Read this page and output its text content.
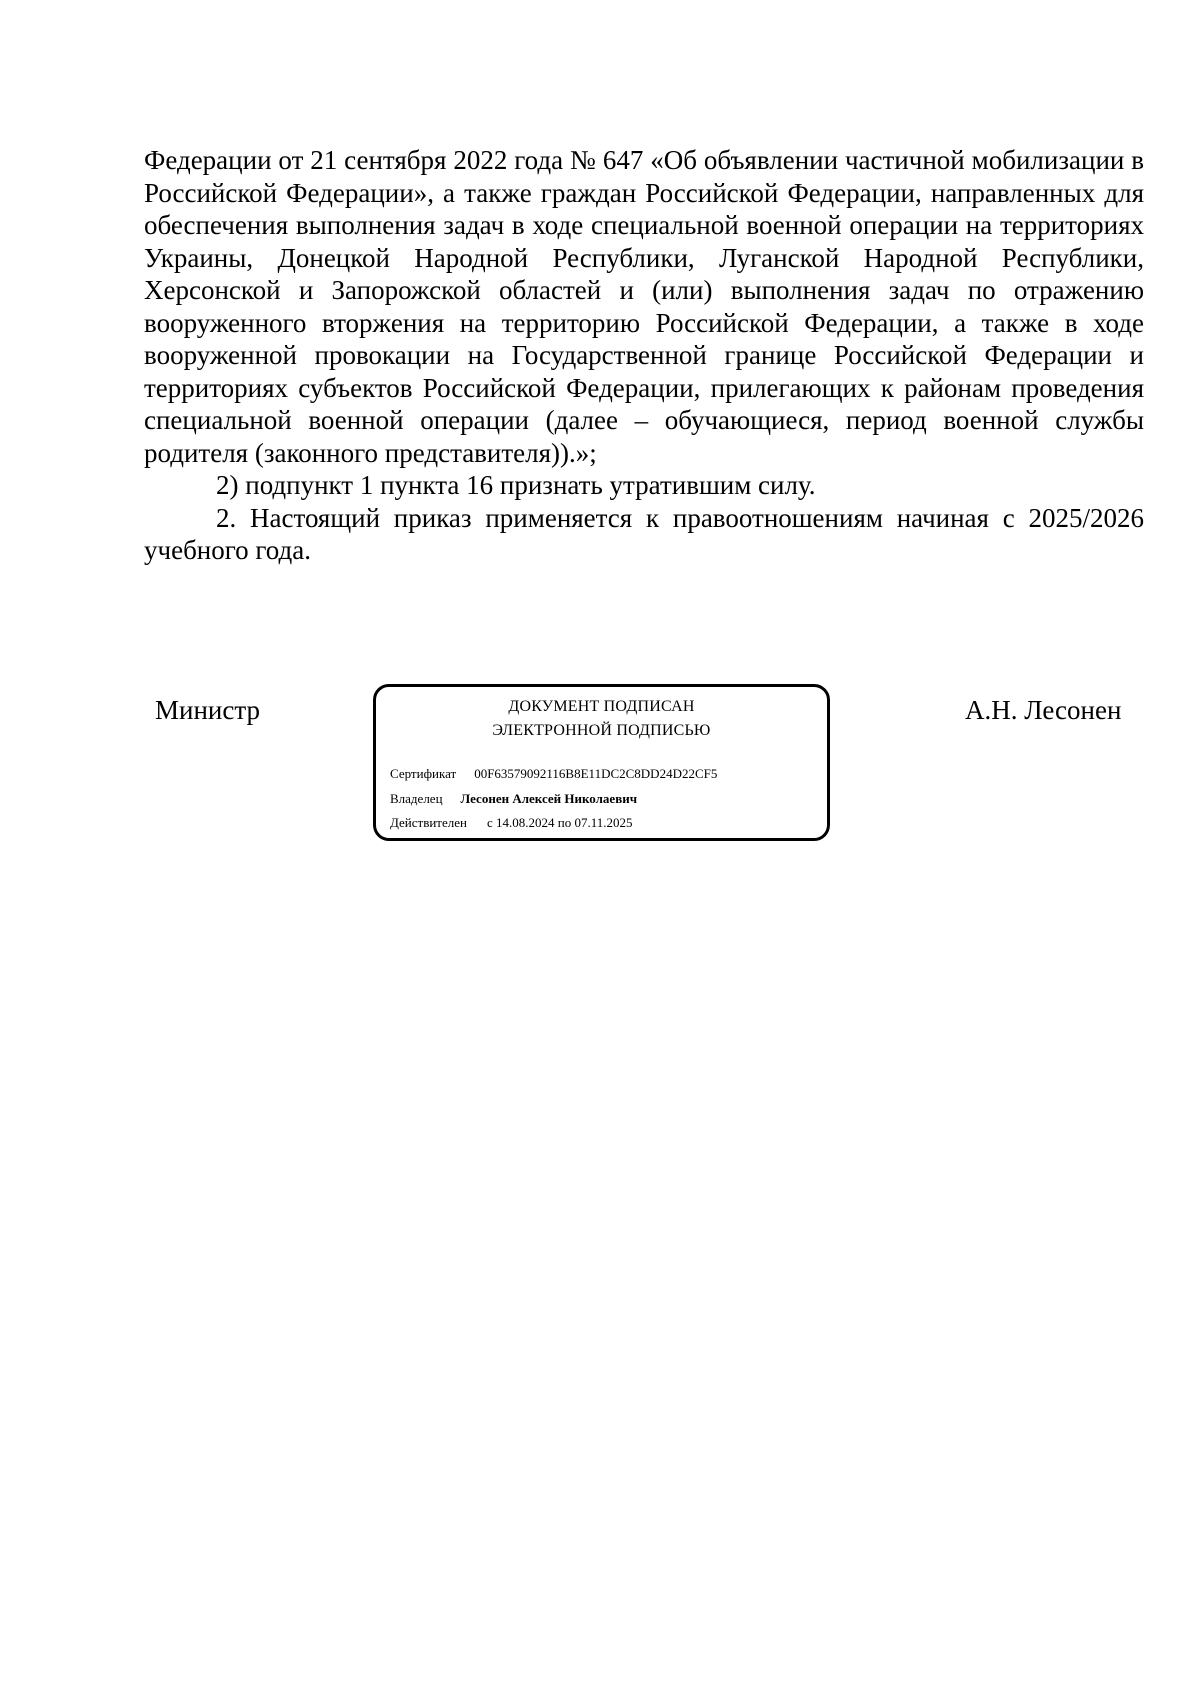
Федерации от 21 сентября 2022 года № 647 «Об объявлении частичной мобилизации в Российской Федерации», а также граждан Российской Федерации, направленных для обеспечения выполнения задач в ходе специальной военной операции на территориях Украины, Донецкой Народной Республики, Луганской Народной Республики, Херсонской и Запорожской областей и (или) выполнения задач по отражению вооруженного вторжения на территорию Российской Федерации, а также в ходе вооруженной провокации на Государственной границе Российской Федерации и территориях субъектов Российской Федерации, прилегающих к районам проведения специальной военной операции (далее – обучающиеся, период военной службы родителя (законного представителя)).»;

2) подпункт 1 пункта 16 признать утратившим силу.

2. Настоящий приказ применяется к правоотношениям начиная с 2025/2026 учебного года.

Министр	ДОКУМЕНТ ПОДПИСАН
ЭЛЕКТРОННОЙ ПОДПИСЬЮ
Сертификат 00F63579092116B8E11DC2C8DD24D22CF5
Владелец Лесонен Алексей Николаевич
Действителен с 14.08.2024 по 07.11.2025
А.Н. Лесонен
